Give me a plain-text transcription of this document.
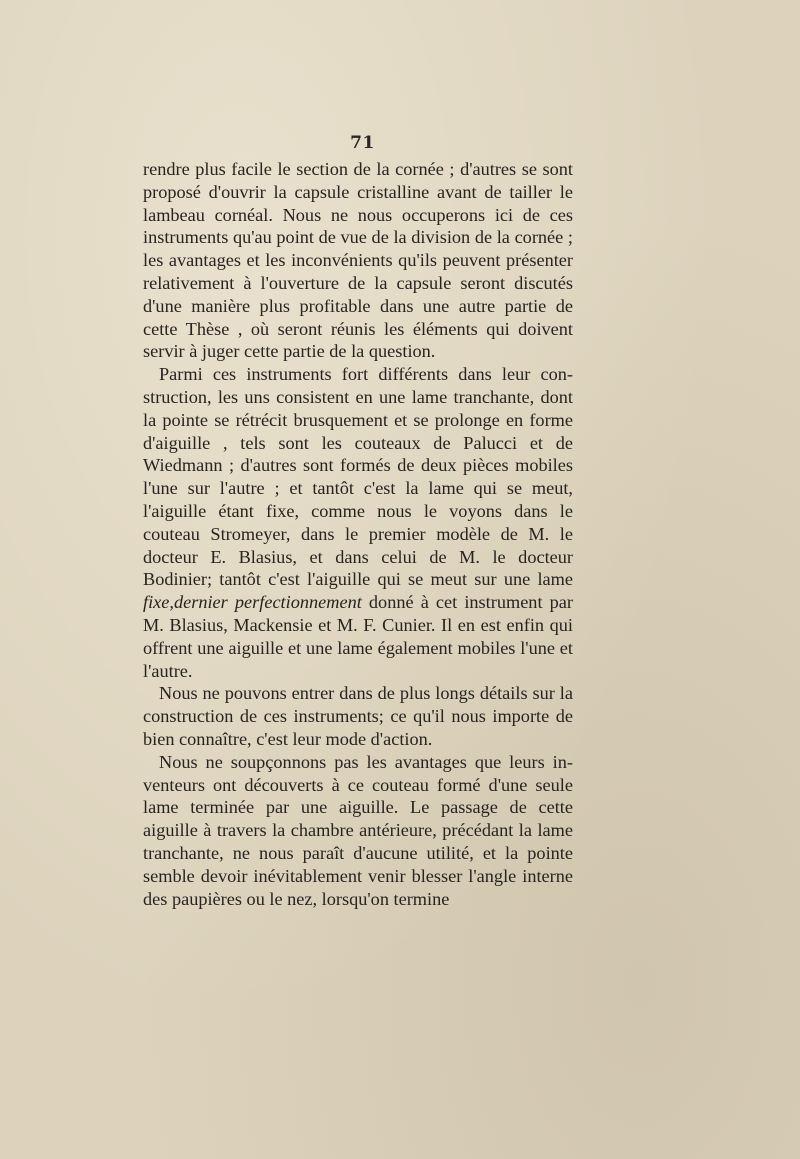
71

rendre plus facile le section de la cornée ; d'autres se sont proposé d'ouvrir la capsule cristalline avant de tailler le lambeau cornéal. Nous ne nous occuperons ici de ces instruments qu'au point de vue de la division de la cornée ; les avantages et les inconvénients qu'ils peuvent présenter relativement à l'ouverture de la capsule seront discutés d'une manière plus profitable dans une autre partie de cette Thèse , où seront réunis les éléments qui doivent servir à juger cette partie de la question.

Parmi ces instruments fort différents dans leur construction, les uns consistent en une lame tranchante, dont la pointe se rétrécit brusquement et se prolonge en forme d'aiguille , tels sont les couteaux de Palucci et de Wiedmann ; d'autres sont formés de deux pièces mobiles l'une sur l'autre ; et tantôt c'est la lame qui se meut, l'aiguille étant fixe, comme nous le voyons dans le couteau Stromeyer, dans le premier modèle de M. le docteur E. Blasius, et dans celui de M. le docteur Bodinier; tantôt c'est l'aiguille qui se meut sur une lame fixe,dernier perfectionnement donné à cet instrument par M. Blasius, Mackensie et M. F. Cunier. Il en est enfin qui offrent une aiguille et une lame également mobiles l'une et l'autre.

Nous ne pouvons entrer dans de plus longs détails sur la construction de ces instruments; ce qu'il nous importe de bien connaître, c'est leur mode d'action.

Nous ne soupçonnons pas les avantages que leurs inventeurs ont découverts à ce couteau formé d'une seule lame terminée par une aiguille. Le passage de cette aiguille à travers la chambre antérieure, précédant la lame tranchante, ne nous paraît d'aucune utilité, et la pointe semble devoir inévitablement venir blesser l'angle interne des paupières ou le nez, lorsqu'on termine
